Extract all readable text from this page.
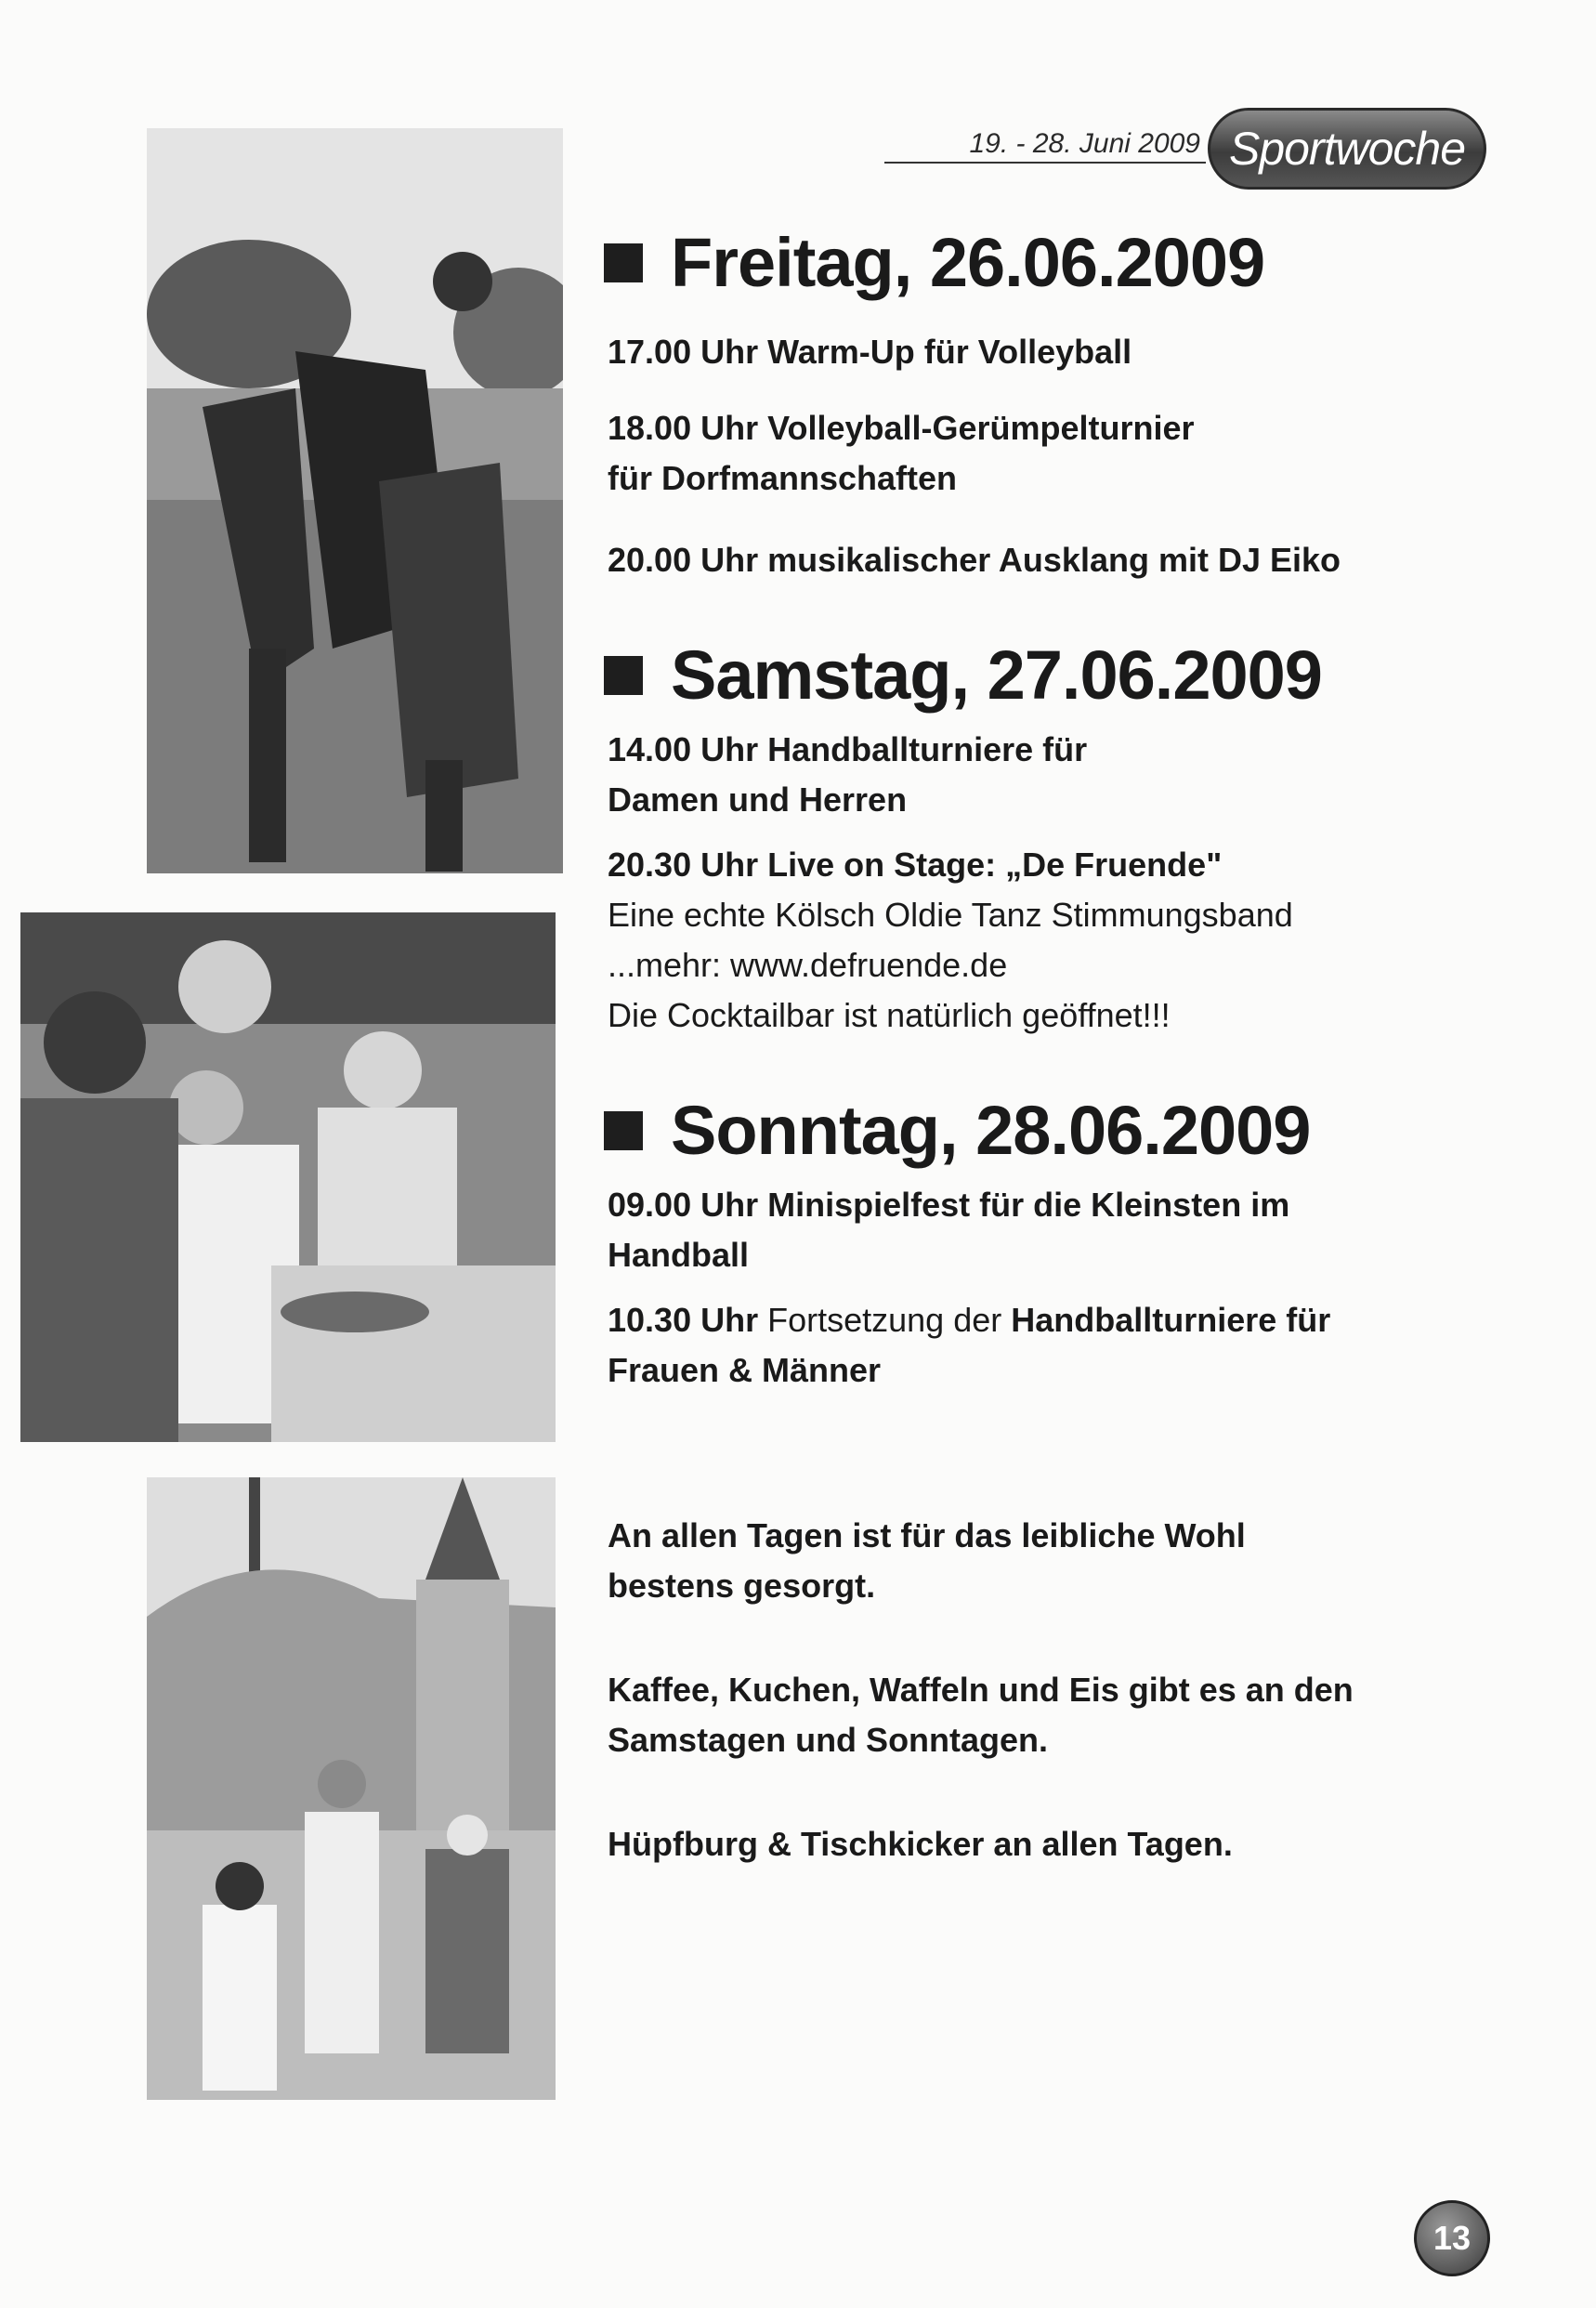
19. - 28. Juni 2009 Sportwoche
Freitag, 26.06.2009
17.00 Uhr Warm-Up für Volleyball
18.00 Uhr Volleyball-Gerümpelturnier
für Dorfmannschaften
20.00 Uhr musikalischer Ausklang mit DJ Eiko
Samstag, 27.06.2009
14.00 Uhr Handballturniere für
Damen und Herren
20.30 Uhr Live on Stage: „De Fruende"
Eine echte Kölsch Oldie Tanz Stimmungsband
...mehr: www.defruende.de
Die Cocktailbar ist natürlich geöffnet!!!
Sonntag, 28.06.2009
09.00 Uhr Minispielfest für die Kleinsten im
Handball
10.30 Uhr Fortsetzung der Handballturniere für
Frauen & Männer
An allen Tagen ist für das leibliche Wohl
bestens gesorgt.
Kaffee, Kuchen, Waffeln und Eis gibt es an den
Samstagen und Sonntagen.
Hüpfburg & Tischkicker an allen Tagen.
13
